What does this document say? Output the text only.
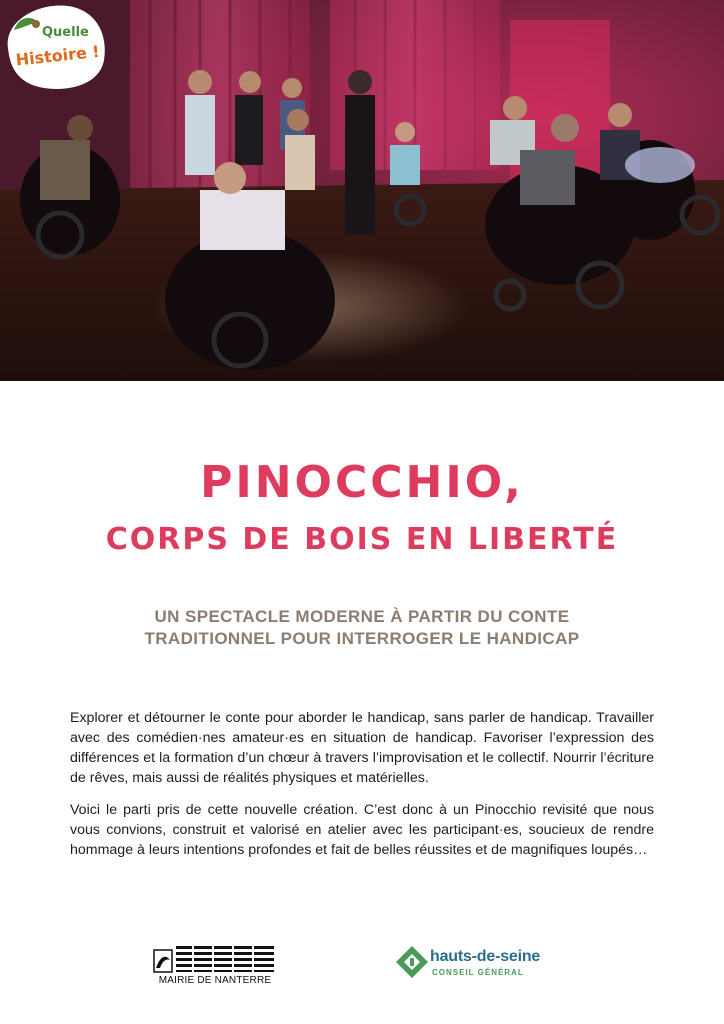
Quelle
Histoire !
PINOCCHIO,
CORPS DE BOIS EN LIBERTÉ
UN SPECTACLE MODERNE À PARTIR DU CONTE
TRADITIONNEL POUR INTERROGER LE HANDICAP

Explorer et détourner le conte pour aborder le handicap, sans parler de handicap. Travailler avec des comédien·nes amateur·es en situation de handicap. Favoriser l’expression des différences et la formation d’un chœur à travers l’improvisation et le collectif. Nourrir l’écriture de rêves, mais aussi de réalités physiques et matérielles.

Voici le parti pris de cette nouvelle création. C’est donc à un Pinocchio revisité que nous vous convions, construit et valorisé en atelier avec les participant·es, soucieux de rendre hommage à leurs intentions profondes et fait de belles réussites et de magnifiques loupés…

MAIRIE DE NANTERRE
hauts-de-seine
CONSEIL GÉNÉRAL
